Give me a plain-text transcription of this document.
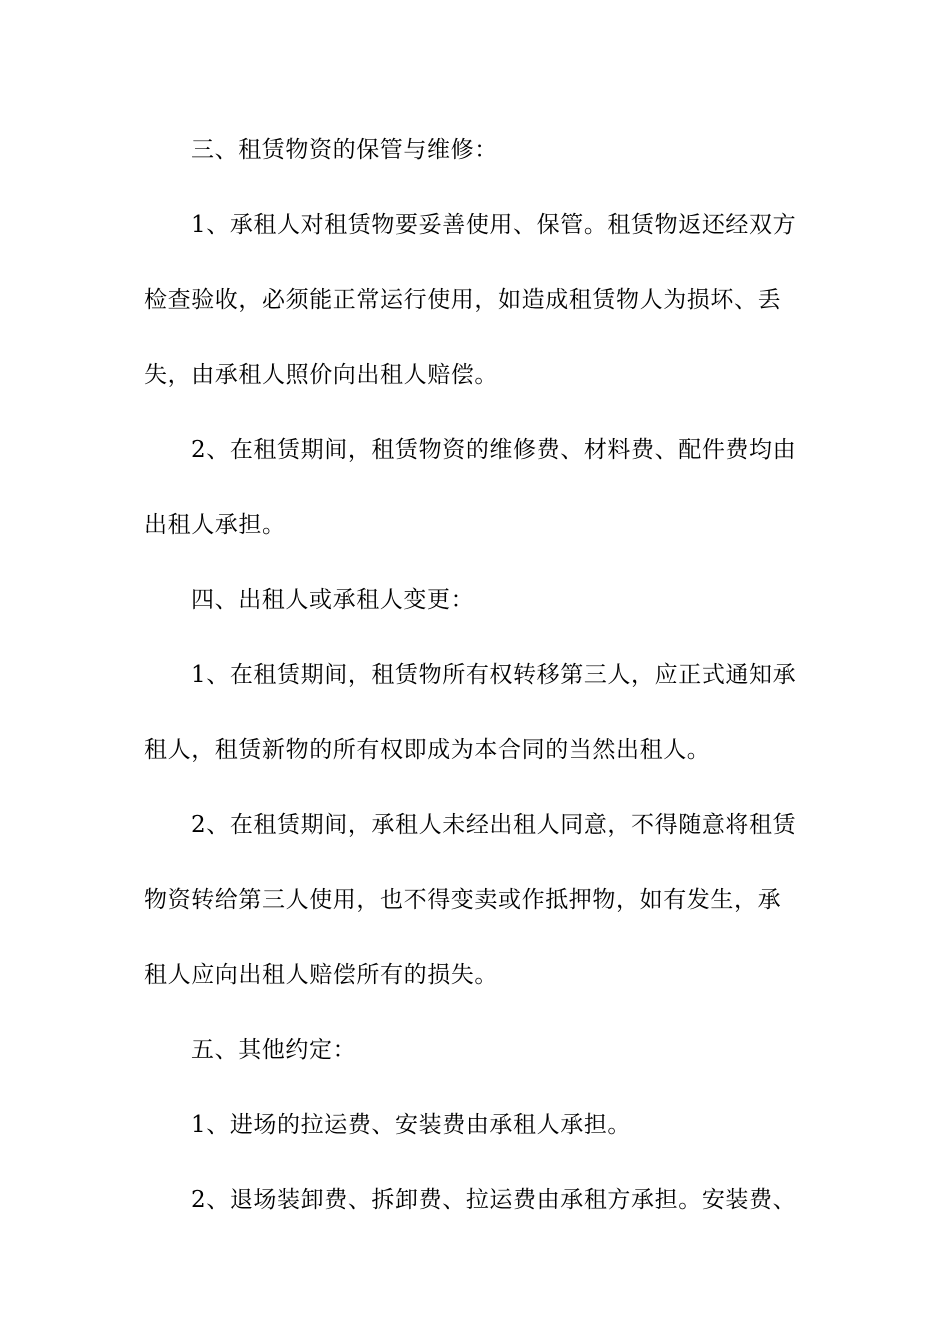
三、租赁物资的保管与维修：
1、承租人对租赁物要妥善使用、保管。租赁物返还经双方
检查验收，必须能正常运行使用，如造成租赁物人为损坏、丢
失，由承租人照价向出租人赔偿。
2、在租赁期间，租赁物资的维修费、材料费、配件费均由
出租人承担。
四、出租人或承租人变更：
1、在租赁期间，租赁物所有权转移第三人，应正式通知承
租人，租赁新物的所有权即成为本合同的当然出租人。
2、在租赁期间，承租人未经出租人同意，不得随意将租赁
物资转给第三人使用，也不得变卖或作抵押物，如有发生，承
租人应向出租人赔偿所有的损失。
五、其他约定：
1、进场的拉运费、安装费由承租人承担。
2、退场装卸费、拆卸费、拉运费由承租方承担。安装费、
